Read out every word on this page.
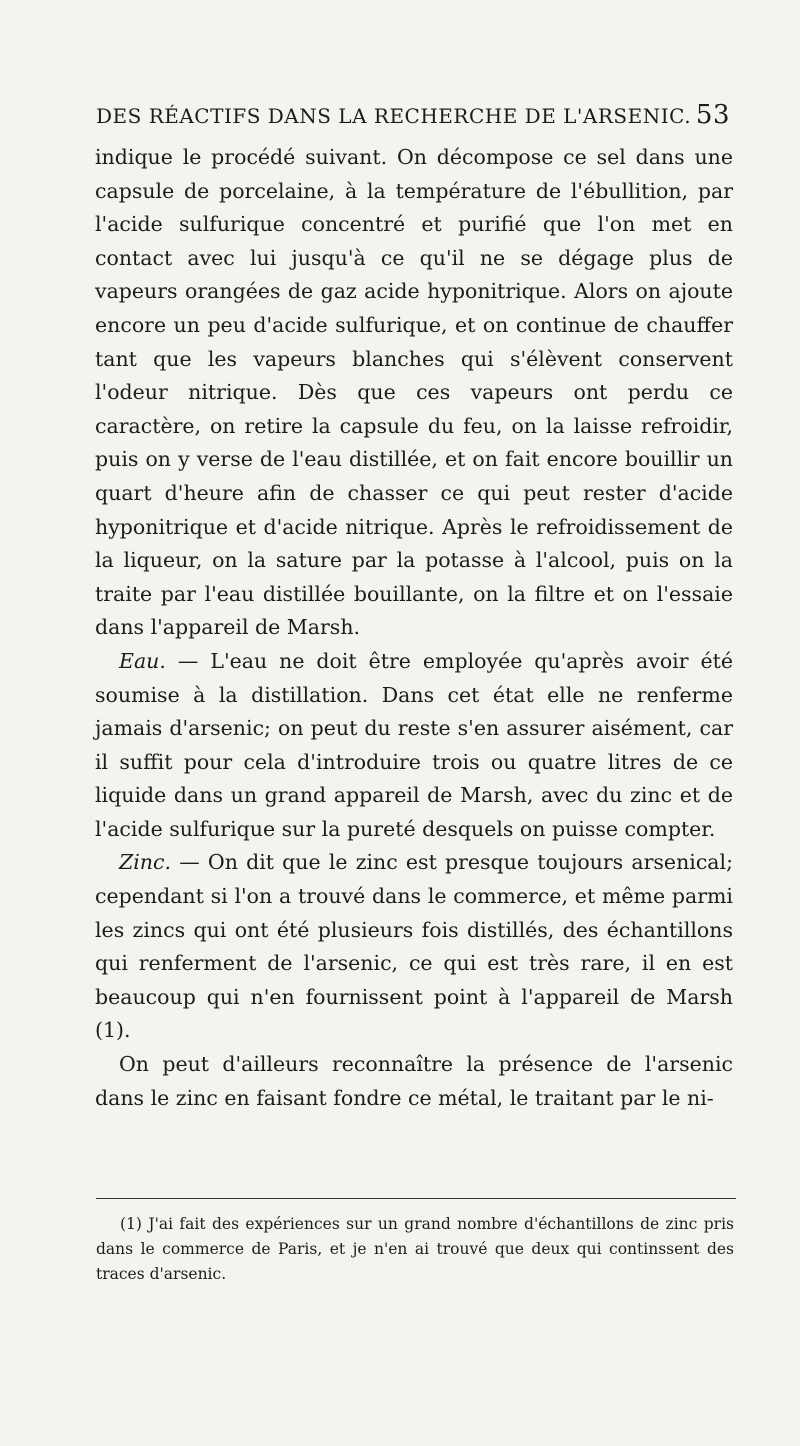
DES RÉACTIFS DANS LA RECHERCHE DE L'ARSENIC. 53

indique le procédé suivant. On décompose ce sel dans une capsule de porcelaine, à la température de l'ébullition, par l'acide sulfurique concentré et purifié que l'on met en contact avec lui jusqu'à ce qu'il ne se dégage plus de vapeurs orangées de gaz acide hyponitrique. Alors on ajoute encore un peu d'acide sulfurique, et on continue de chauffer tant que les vapeurs blanches qui s'élèvent conservent l'odeur nitrique. Dès que ces vapeurs ont perdu ce caractère, on retire la capsule du feu, on la laisse refroidir, puis on y verse de l'eau distillée, et on fait encore bouillir un quart d'heure afin de chasser ce qui peut rester d'acide hyponitrique et d'acide nitrique. Après le refroidissement de la liqueur, on la sature par la potasse à l'alcool, puis on la traite par l'eau distillée bouillante, on la filtre et on l'essaie dans l'appareil de Marsh.

Eau. — L'eau ne doit être employée qu'après avoir été soumise à la distillation. Dans cet état elle ne renferme jamais d'arsenic; on peut du reste s'en assurer aisément, car il suffit pour cela d'introduire trois ou quatre litres de ce liquide dans un grand appareil de Marsh, avec du zinc et de l'acide sulfurique sur la pureté desquels on puisse compter.

Zinc. — On dit que le zinc est presque toujours arsenical; cependant si l'on a trouvé dans le commerce, et même parmi les zincs qui ont été plusieurs fois distillés, des échantillons qui renferment de l'arsenic, ce qui est très rare, il en est beaucoup qui n'en fournissent point à l'appareil de Marsh (1).

On peut d'ailleurs reconnaître la présence de l'arsenic dans le zinc en faisant fondre ce métal, le traitant par le ni-

(1) J'ai fait des expériences sur un grand nombre d'échantillons de zinc pris dans le commerce de Paris, et je n'en ai trouvé que deux qui continssent des traces d'arsenic.
